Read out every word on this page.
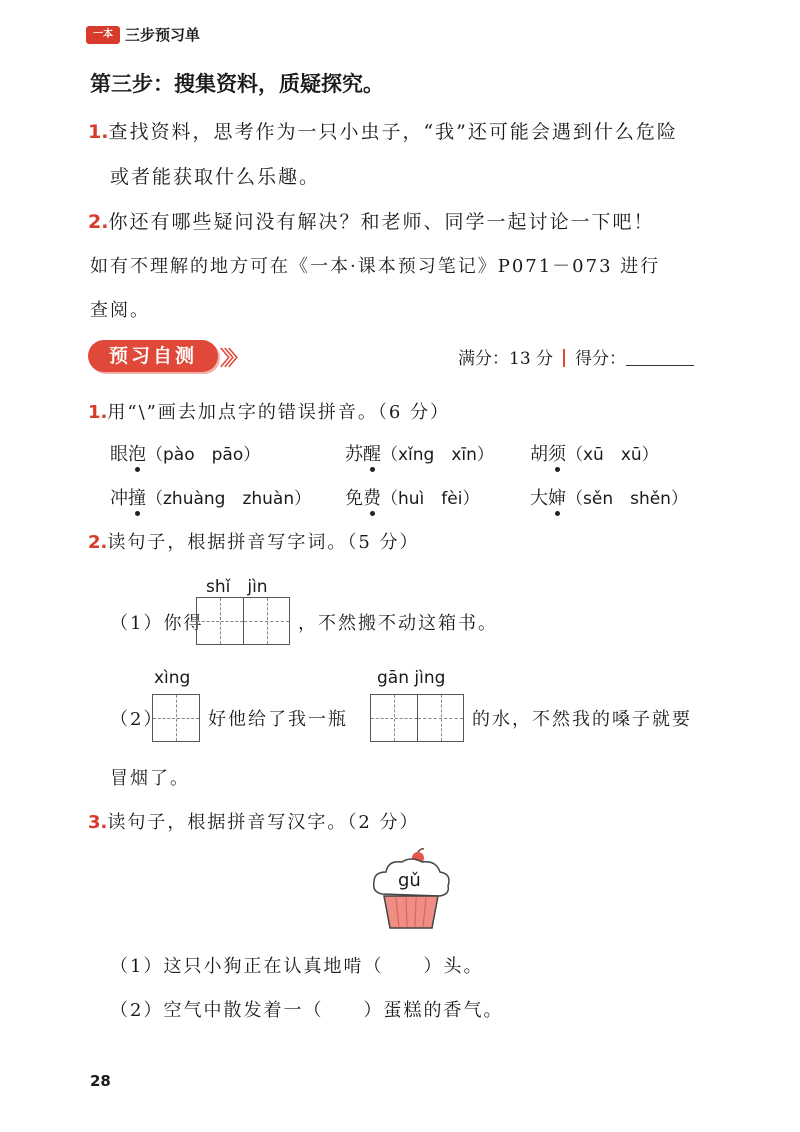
一本 三步预习单
第三步：搜集资料，质疑探究。
1.查找资料，思考作为一只小虫子，“我”还可能会遇到什么危险
或者能获取什么乐趣。
2.你还有哪些疑问没有解决？和老师、同学一起讨论一下吧！
如有不理解的地方可在《一本·课本预习笔记》P071－073 进行
查阅。
预习自测	〉〉〉	满分：13 分 得分：
1.用“\”画去加点字的错误拼音。（6 分）
眼泡（pào　pāo）	苏醒（xǐng　xīn） 胡须（xū　xū）
冲撞（zhuàng　zhuàn） 免费（huì　fèi）	大婶（sěn　shěn）
2.读句子，根据拼音写字词。（5 分）
shǐ　jìn
（1）你得	，不然搬不动这箱书。
xìng	gān jìng
（2） 好他给了我一瓶	的水，不然我的嗓子就要
冒烟了。
3.读句子，根据拼音写汉字。（2 分）
gǔ
（1）这只小狗正在认真地啃（　　）头。
（2）空气中散发着一（　　）蛋糕的香气。
28
